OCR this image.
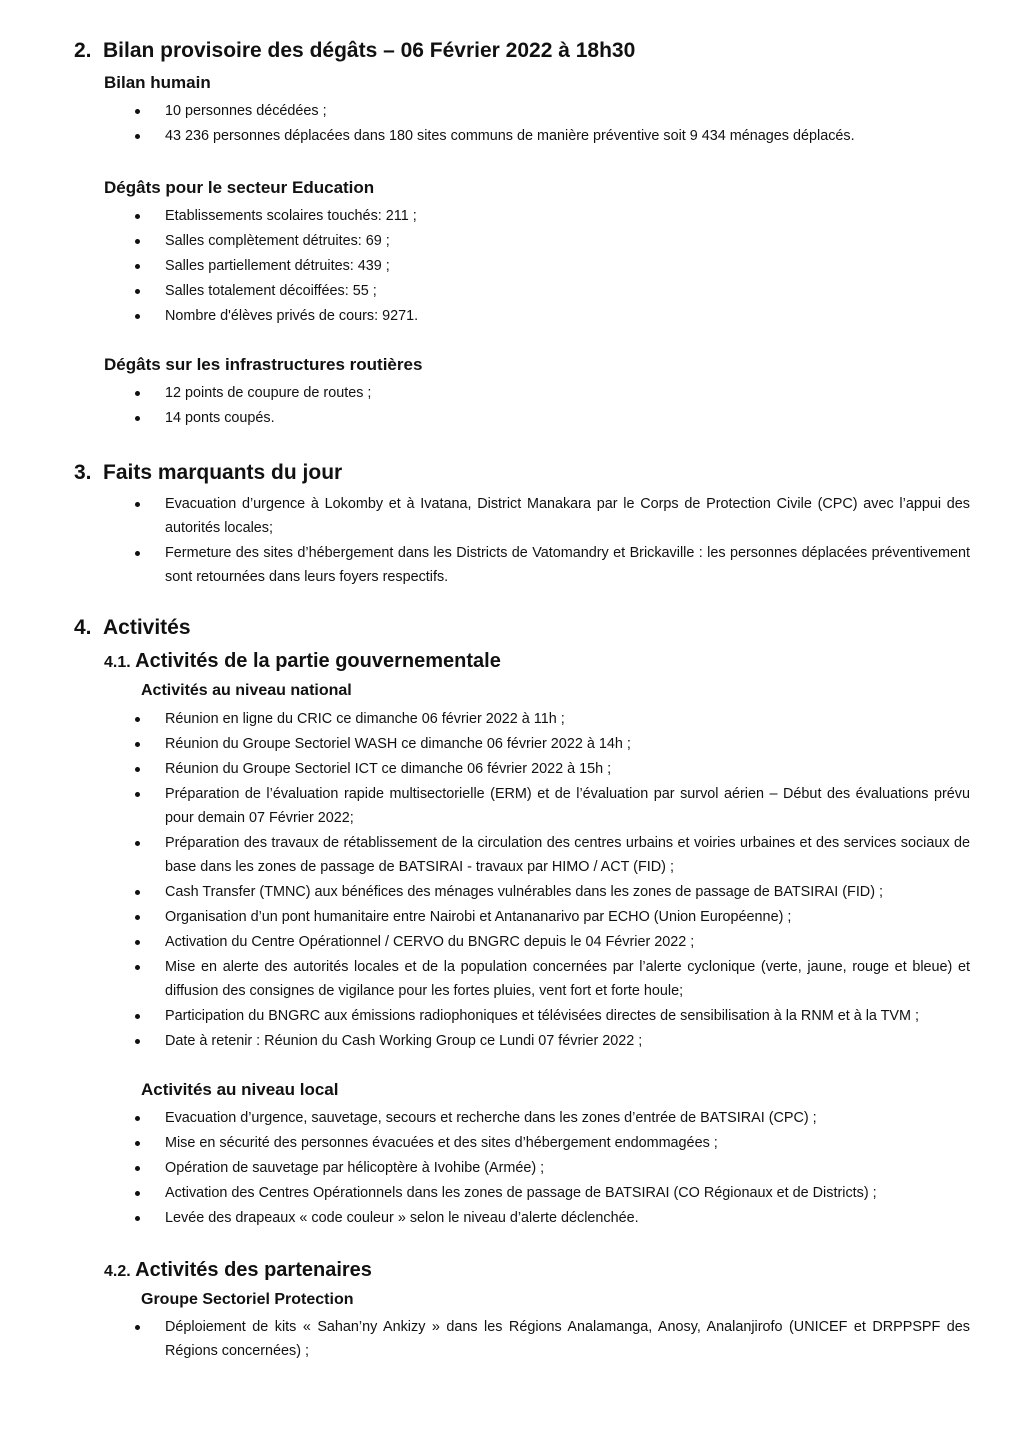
2. Bilan provisoire des dégâts – 06 Février 2022 à 18h30
Bilan humain
10 personnes décédées ;
43 236 personnes déplacées dans 180 sites communs de manière préventive soit 9 434 ménages déplacés.
Dégâts pour le secteur Education
Etablissements scolaires touchés: 211 ;
Salles complètement détruites: 69 ;
Salles partiellement détruites: 439 ;
Salles totalement décoiffées: 55 ;
Nombre d'élèves privés de cours: 9271.
Dégâts sur les infrastructures routières
12 points de coupure de routes ;
14 ponts coupés.
3. Faits marquants du jour
Evacuation d’urgence à Lokomby et à Ivatana, District Manakara par le Corps de Protection Civile (CPC) avec l’appui des autorités locales;
Fermeture des sites d’hébergement dans les Districts de Vatomandry et Brickaville : les personnes déplacées préventivement sont retournées dans leurs foyers respectifs.
4. Activités
4.1. Activités de la partie gouvernementale
Activités au niveau national
Réunion en ligne du CRIC ce dimanche 06 février 2022 à 11h ;
Réunion du Groupe Sectoriel WASH ce dimanche 06 février 2022 à 14h ;
Réunion du Groupe Sectoriel ICT ce dimanche 06 février 2022 à 15h ;
Préparation de l’évaluation rapide multisectorielle (ERM) et de l’évaluation par survol aérien – Début des évaluations prévu pour demain 07 Février 2022;
Préparation des travaux de rétablissement de la circulation des centres urbains et voiries urbaines et des services sociaux de base dans les zones de passage de BATSIRAI - travaux par HIMO / ACT (FID) ;
Cash Transfer (TMNC) aux bénéfices des ménages vulnérables dans les zones de passage de BATSIRAI (FID) ;
Organisation d’un pont humanitaire entre Nairobi et Antananarivo par ECHO (Union Européenne) ;
Activation du Centre Opérationnel / CERVO du BNGRC depuis le 04 Février 2022 ;
Mise en alerte des autorités locales et de la population concernées par l’alerte cyclonique (verte, jaune, rouge et bleue) et diffusion des consignes de vigilance pour les fortes pluies, vent fort et forte houle;
Participation du BNGRC aux émissions radiophoniques et télévisées directes de sensibilisation à la RNM et à la TVM ;
Date à retenir : Réunion du Cash Working Group ce Lundi 07 février 2022 ;
Activités au niveau local
Evacuation d’urgence, sauvetage, secours et recherche dans les zones d’entrée de BATSIRAI (CPC) ;
Mise en sécurité des personnes évacuées et des sites d’hébergement endommagées ;
Opération de sauvetage par hélicoptère à Ivohibe (Armée) ;
Activation des Centres Opérationnels dans les zones de passage de BATSIRAI (CO Régionaux et de Districts) ;
Levée des drapeaux « code couleur » selon le niveau d’alerte déclenchée.
4.2. Activités des partenaires
Groupe Sectoriel Protection
Déploiement de kits « Sahan’ny Ankizy » dans les Régions Analamanga, Anosy, Analanjirofo (UNICEF et DRPPSPF des Régions concernées) ;
